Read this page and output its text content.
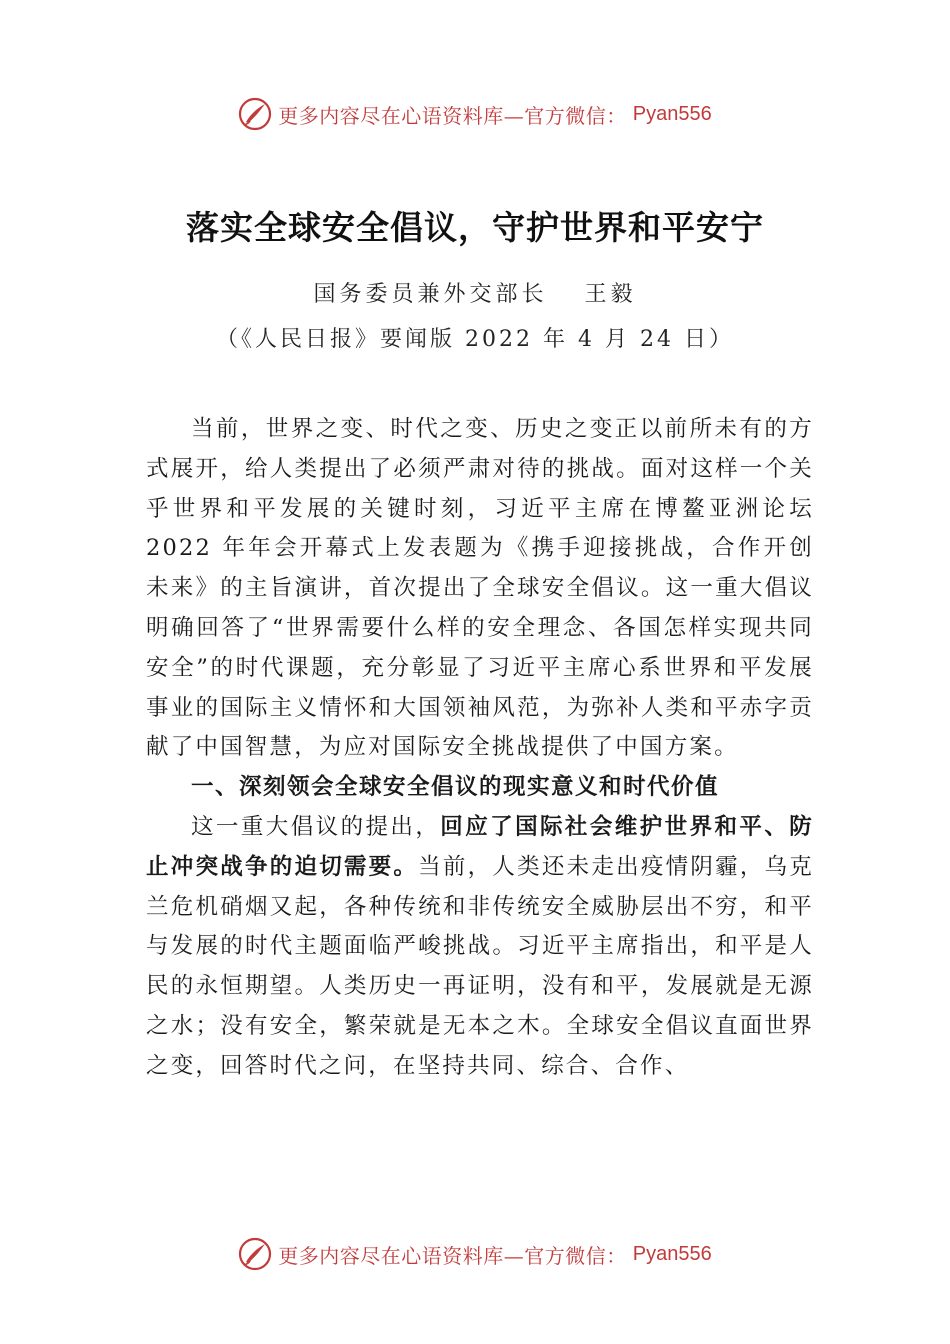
更多内容尽在心语资料库—官方微信： Pyan556
落实全球安全倡议，守护世界和平安宁
国务委员兼外交部长　 王毅
（《人民日报》要闻版 2022 年 4 月 24 日）

当前，世界之变、时代之变、历史之变正以前所未有的方式展开，给人类提出了必须严肃对待的挑战。面对这样一个关乎世界和平发展的关键时刻，习近平主席在博鳌亚洲论坛 2022 年年会开幕式上发表题为《携手迎接挑战，合作开创未来》的主旨演讲，首次提出了全球安全倡议。这一重大倡议明确回答了“世界需要什么样的安全理念、各国怎样实现共同安全”的时代课题，充分彰显了习近平主席心系世界和平发展事业的国际主义情怀和大国领袖风范，为弥补人类和平赤字贡献了中国智慧，为应对国际安全挑战提供了中国方案。

一、深刻领会全球安全倡议的现实意义和时代价值

这一重大倡议的提出，回应了国际社会维护世界和平、防止冲突战争的迫切需要。当前，人类还未走出疫情阴霾，乌克兰危机硝烟又起，各种传统和非传统安全威胁层出不穷，和平与发展的时代主题面临严峻挑战。习近平主席指出，和平是人民的永恒期望。人类历史一再证明，没有和平，发展就是无源之水；没有安全，繁荣就是无本之木。全球安全倡议直面世界之变，回答时代之问，在坚持共同、综合、合作、

更多内容尽在心语资料库—官方微信： Pyan556
